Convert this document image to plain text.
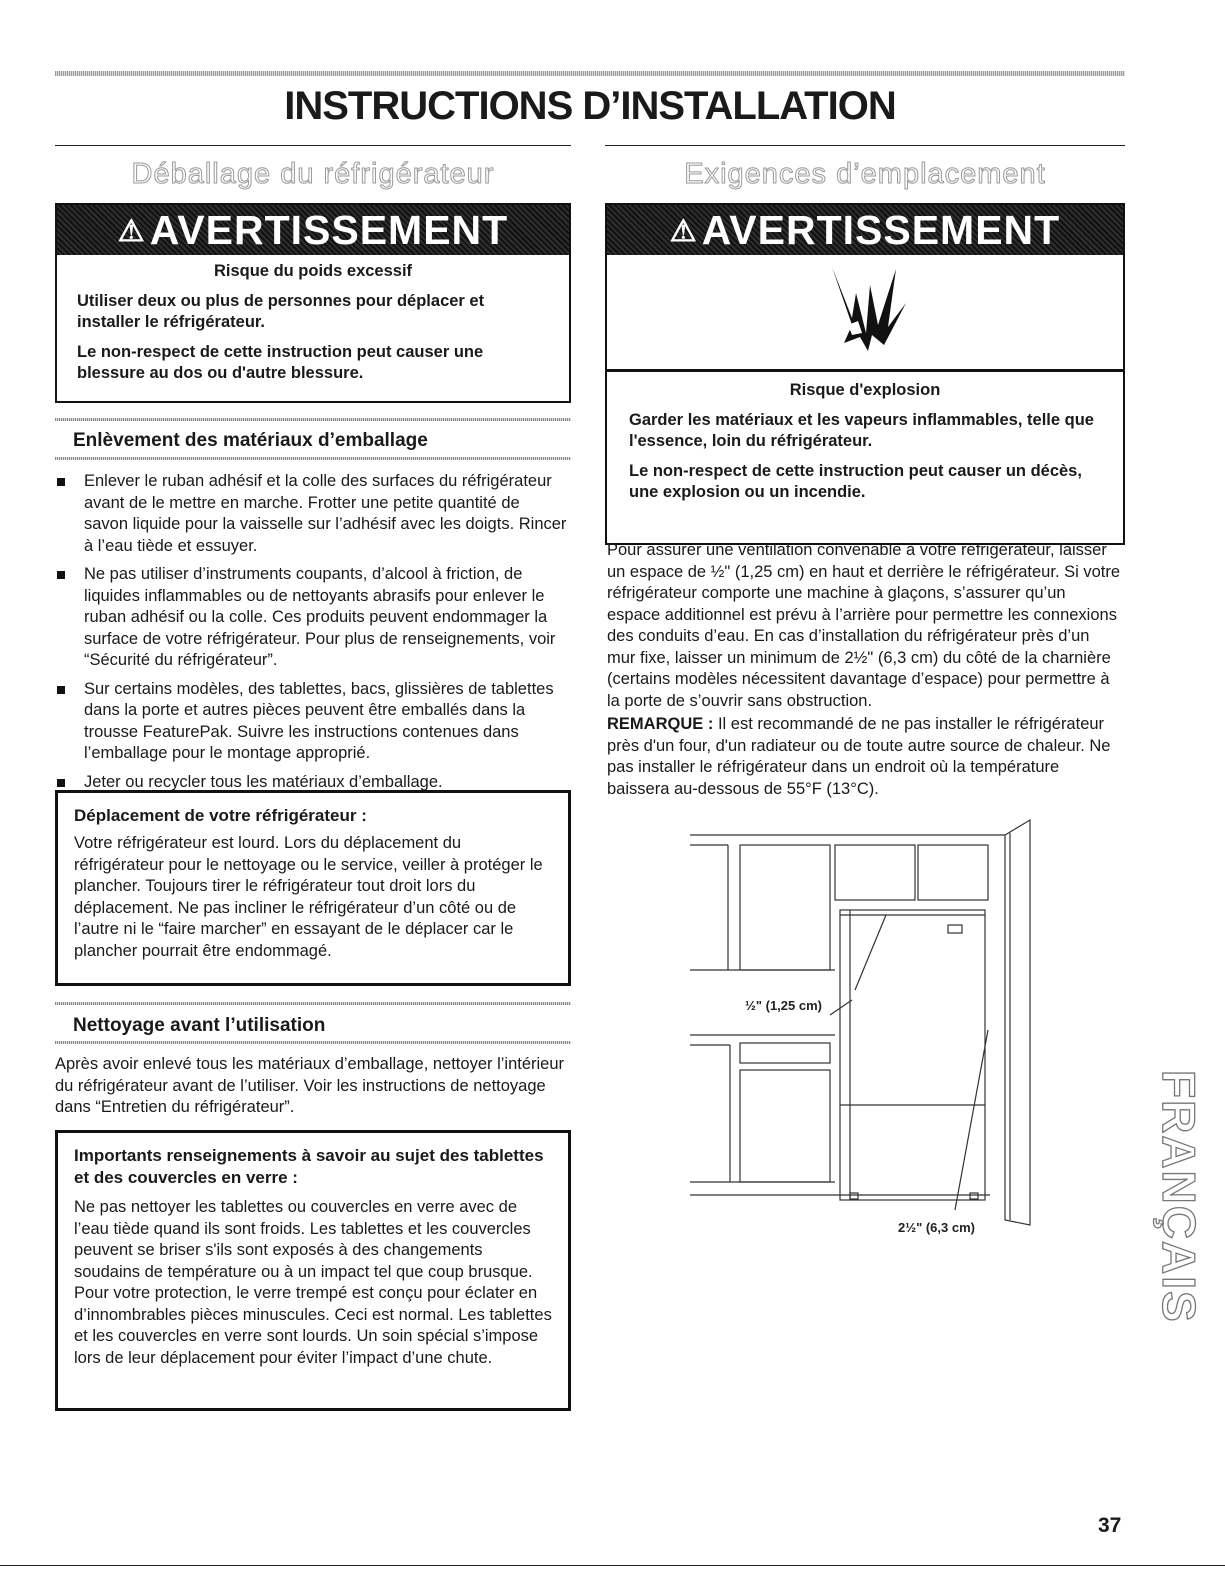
INSTRUCTIONS D’INSTALLATION
Déballage du réfrigérateur
⚠AVERTISSEMENT

Risque du poids excessif

Utiliser deux ou plus de personnes pour déplacer et installer le réfrigérateur.

Le non-respect de cette instruction peut causer une blessure au dos ou d'autre blessure.

Enlèvement des matériaux d’emballage
Enlever le ruban adhésif et la colle des surfaces du réfrigérateur avant de le mettre en marche. Frotter une petite quantité de savon liquide pour la vaisselle sur l’adhésif avec les doigts. Rincer à l’eau tiède et essuyer.
Ne pas utiliser d’instruments coupants, d’alcool à friction, de liquides inflammables ou de nettoyants abrasifs pour enlever le ruban adhésif ou la colle. Ces produits peuvent endommager la surface de votre réfrigérateur. Pour plus de renseignements, voir “Sécurité du réfrigérateur”.
Sur certains modèles, des tablettes, bacs, glissières de tablettes dans la porte et autres pièces peuvent être emballés dans la trousse FeaturePak. Suivre les instructions contenues dans l’emballage pour le montage approprié.
Jeter ou recycler tous les matériaux d’emballage.

Déplacement de votre réfrigérateur :

Votre réfrigérateur est lourd. Lors du déplacement du réfrigérateur pour le nettoyage ou le service, veiller à protéger le plancher. Toujours tirer le réfrigérateur tout droit lors du déplacement. Ne pas incliner le réfrigérateur d’un côté ou de l’autre ni le “faire marcher” en essayant de le déplacer car le plancher pourrait être endommagé.

Nettoyage avant l’utilisation

Après avoir enlevé tous les matériaux d’emballage, nettoyer l’intérieur du réfrigérateur avant de l’utiliser. Voir les instructions de nettoyage dans “Entretien du réfrigérateur”.

Importants renseignements à savoir au sujet des tablettes et des couvercles en verre :

Ne pas nettoyer les tablettes ou couvercles en verre avec de l’eau tiède quand ils sont froids. Les tablettes et les couvercles peuvent se briser s'ils sont exposés à des changements soudains de température ou à un impact tel que coup brusque. Pour votre protection, le verre trempé est conçu pour éclater en d’innombrables pièces minuscules. Ceci est normal. Les tablettes et les couvercles en verre sont lourds. Un soin spécial s’impose lors de leur déplacement pour éviter l’impact d’une chute.

Exigences d’emplacement
⚠AVERTISSEMENT

Risque d'explosion

Garder les matériaux et les vapeurs inflammables, telle que l'essence, loin du réfrigérateur.

Le non-respect de cette instruction peut causer un décès, une explosion ou un incendie.

Pour assurer une ventilation convenable à votre réfrigérateur, laisser un espace de ½" (1,25 cm) en haut et derrière le réfrigérateur. Si votre réfrigérateur comporte une machine à glaçons, s’assurer qu’un espace additionnel est prévu à l’arrière pour permettre les connexions des conduits d’eau. En cas d’installation du réfrigérateur près d’un mur fixe, laisser un minimum de 2½" (6,3 cm) du côté de la charnière (certains modèles nécessitent davantage d’espace) pour permettre à la porte de s’ouvrir sans obstruction.

REMARQUE : Il est recommandé de ne pas installer le réfrigérateur près d'un four, d'un radiateur ou de toute autre source de chaleur. Ne pas installer le réfrigérateur dans un endroit où la température baissera au-dessous de 55°F (13°C).

½" (1,25 cm)
2½" (6,3 cm)	FRANÇAIS
37
